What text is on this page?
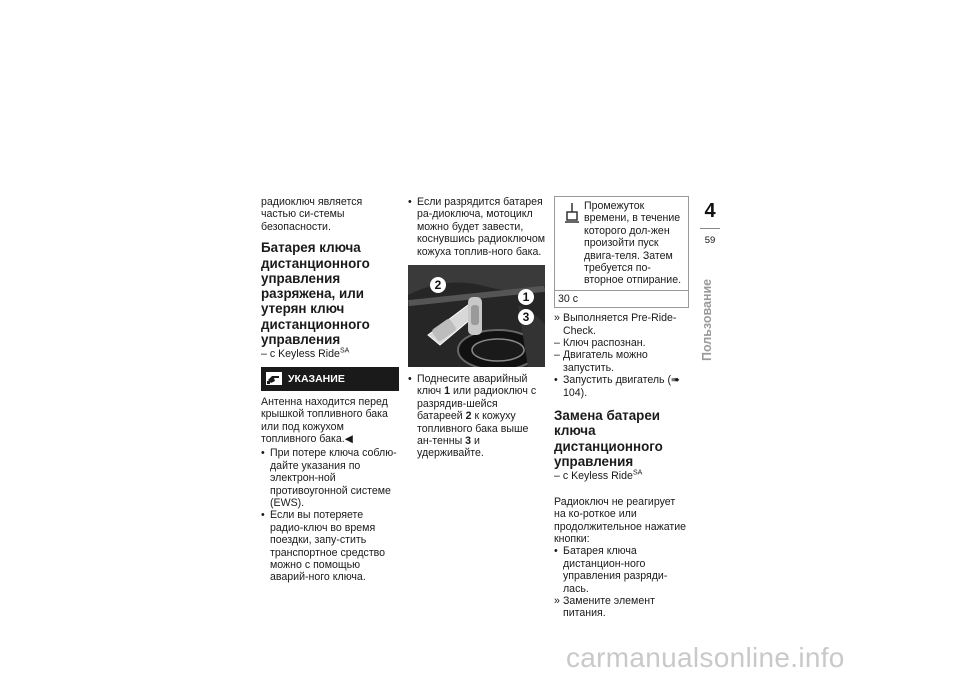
радиоключ является частью си-стемы безопасности.

Батарея ключа дистанционного управления разряжена, или утерян ключ дистанционного управления

– с Keyless Ride$^{SA}$

УКАЗАНИЕ

Антенна находится перед крышкой топливного бака или под кожухом топливного бака.◀

• При потере ключа соблю-дайте указания по электрон-ной противоугонной системе (EWS).
• Если вы потеряете радио-ключ во время поездки, запу-стить транспортное средство можно с помощью аварий-ного ключа.
• Если разрядится батарея ра-диоключа, мотоцикл можно будет завести, коснувшись радиоключом кожуха топлив-ного бака.
2
1
3
• Поднесите аварийный ключ 1 или радиоключ с разрядив-шейся батареей 2 к кожуху топливного бака выше ан-тенны 3 и удерживайте.

Промежуток времени, в течение которого дол-жен произойти пуск двига-теля. Затем требуется по-вторное отпирание.

30 с
» Выполняется Pre-Ride-Check.
– Ключ распознан.
– Двигатель можно запустить.
• Запустить двигатель (➠ 104).
Замена батареи ключа дистанционного управления

– с Keyless Ride$^{SA}$

Радиоключ не реагирует на ко-роткое или продолжительное нажатие кнопки:

• Батарея ключа дистанцион-ного управления разряди-лась.
» Замените элемент питания.
4
59
Пользование
carmanualsonline.info
